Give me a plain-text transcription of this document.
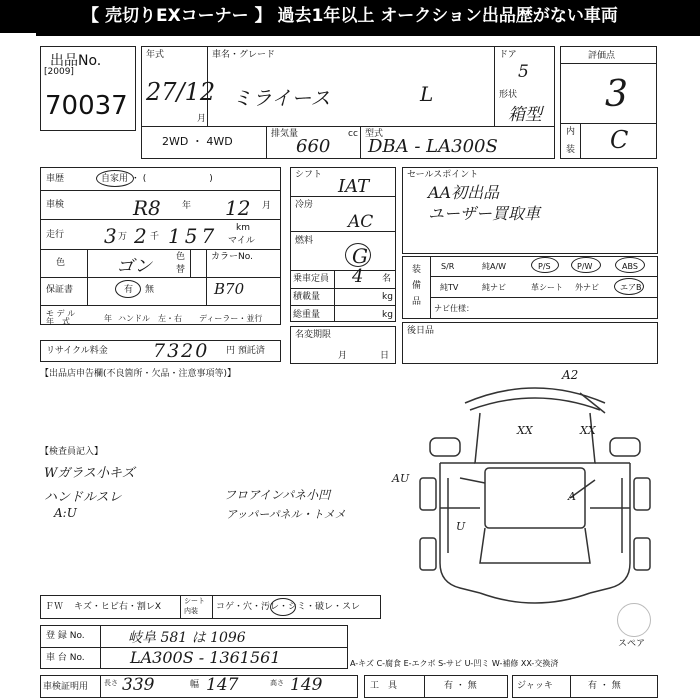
【 売切りEXコーナー 】 過去1年以上 オークション出品歴がない車両
出品No.
[2009]
70037
年式
27/12
月
車名・グレード
ミライース	L
ドア
5
形状
箱型
2WD ・ 4WD
排気量
660
cc 型式
DBA - LA300S
評価点
3
内
装 C
車歴	自家用 ・ (　　　　　　　)
車検	R8 年 12 月
走行 3 万 2 千 157 km
マイル
色	ゴン	色
替
カラーNo.
B70
保証書	有 無
モ デ ル
年　式	年 ハンドル　左・右 ディーラー・並行
リサイクル料金 7320 円 預託済
シフト
IAT
冷房
AC
燃料
G
乗車定員 4 名
積載量	kg
総重量	kg
名変期限
月	日
セールスポイント
AA初出品
ユーザー買取車
装
備
品
S/R	純A/W	P/S	P/W	ABS
純TV	純ナビ	革シート 外ナビ	エアB
ナビ仕様：
後日品
【出品店申告欄(不良箇所・欠品・注意事項等)】
【検査員記入】
Wガラス小キズ
ハンドルスレ
A:U
フロアインパネ小凹
アッパーパネル・トメメ
A2
XX	XX
AU
U
A
スペア
ＦＷ キズ・ヒビ右・割レX
シート
内装 コゲ・穴・汚レ・シミ・破レ・スレ
登 録 No.	岐阜 581 は 1096
車 台 No.	LA300S - 1361561	A-キズ C-腐食 E-エクボ S-サビ U-凹ミ W-補修 XX-交換済
車検証明用 長さ 339	幅 147	高さ 149	工　具	有 ・ 無	ジャッキ	有 ・ 無
